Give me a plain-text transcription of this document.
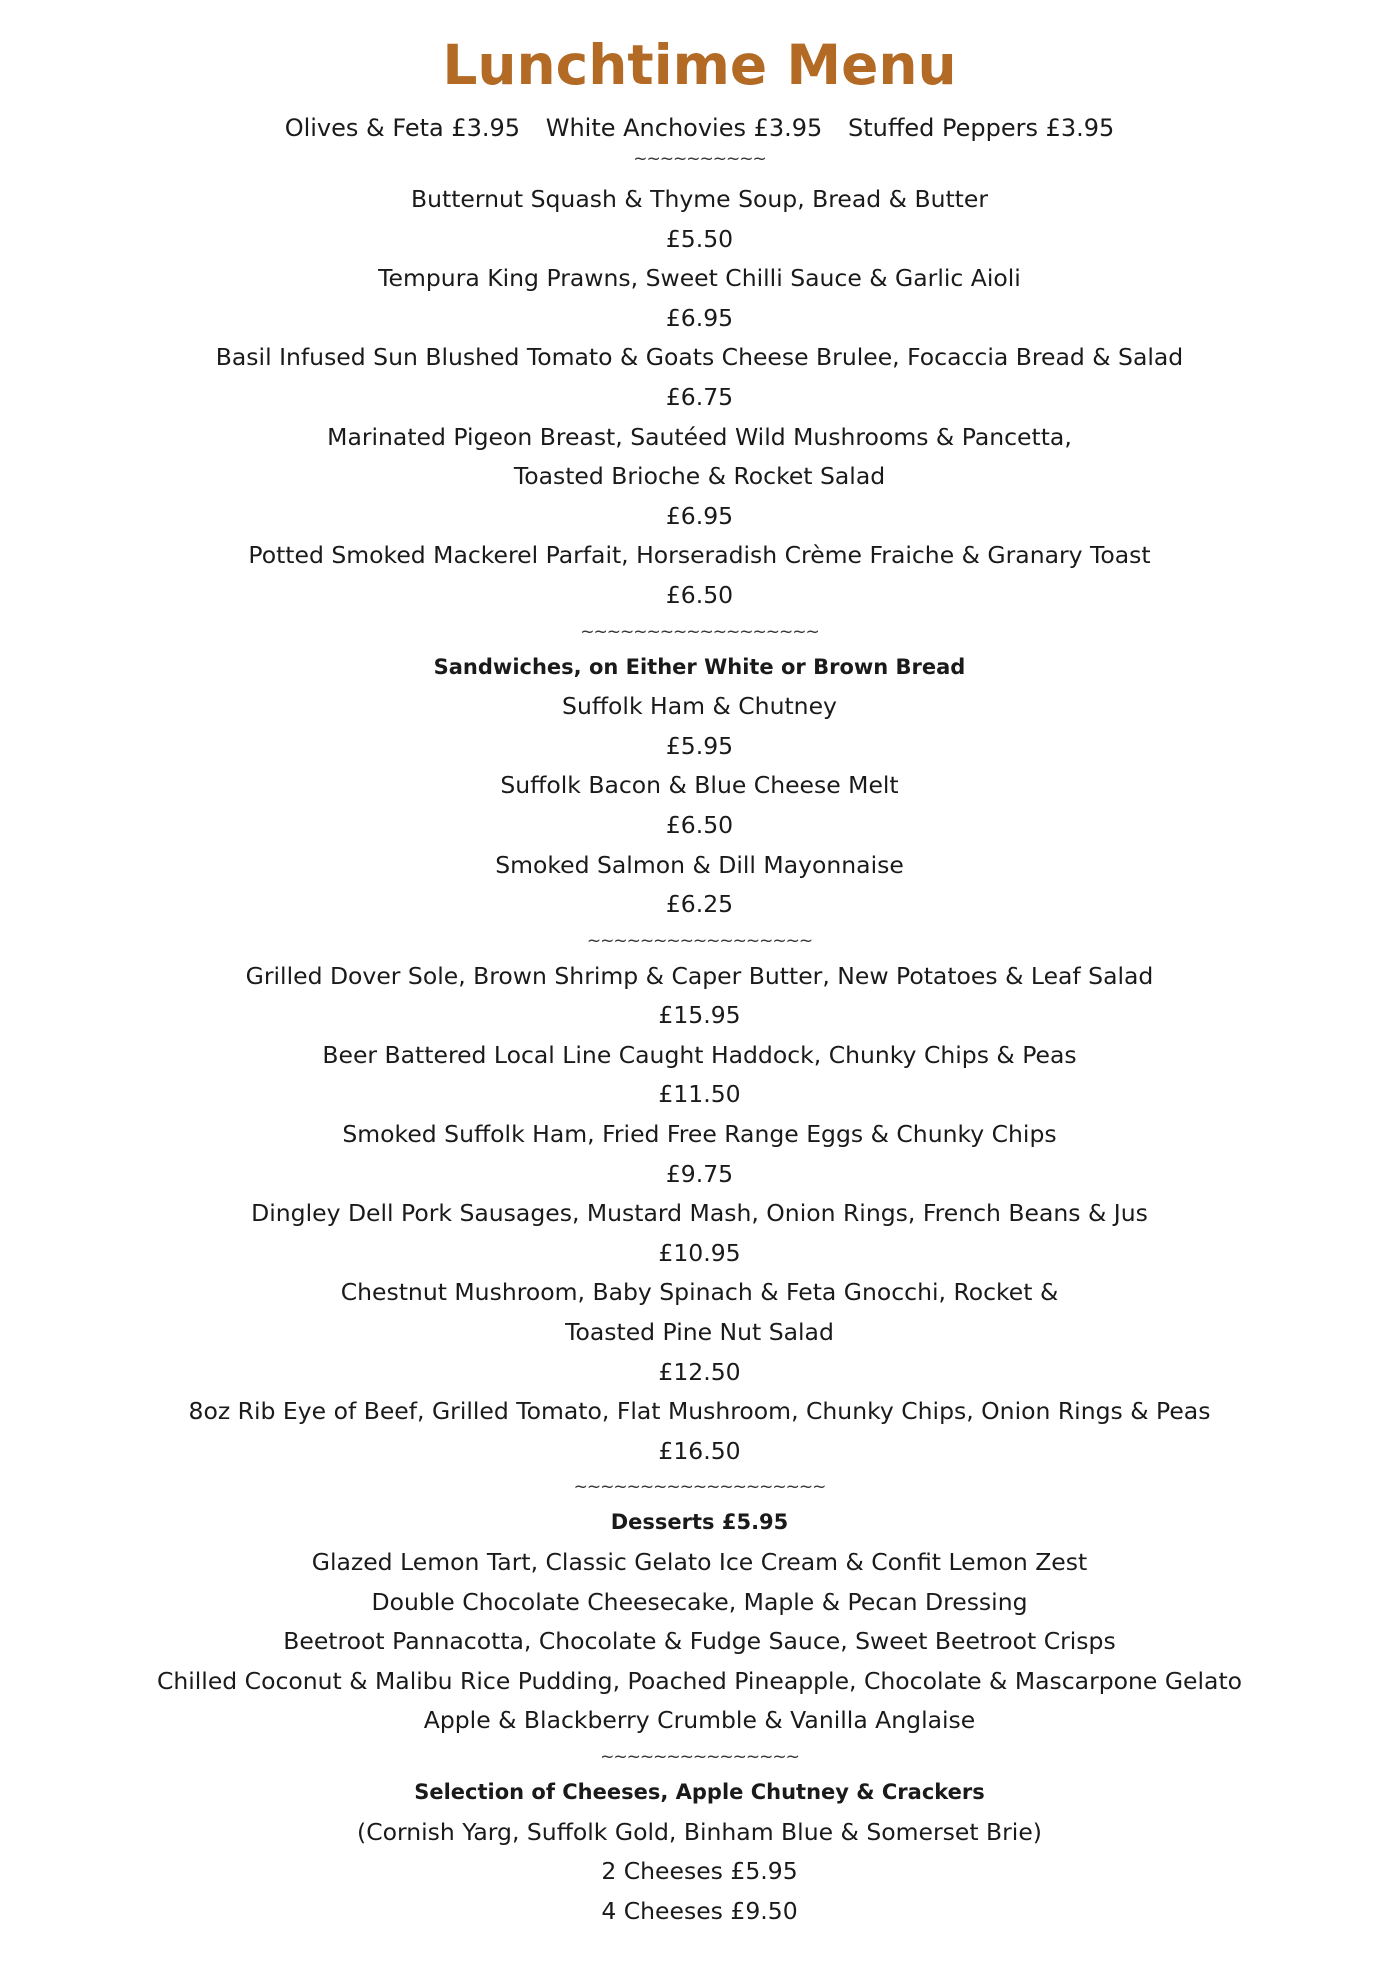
Lunchtime Menu
Olives & Feta £3.95 White Anchovies £3.95 Stuffed Peppers £3.95
~~~~~~~~~~
Butternut Squash & Thyme Soup, Bread & Butter
£5.50
Tempura King Prawns, Sweet Chilli Sauce & Garlic Aioli
£6.95
Basil Infused Sun Blushed Tomato & Goats Cheese Brulee, Focaccia Bread & Salad
£6.75
Marinated Pigeon Breast, Sautéed Wild Mushrooms & Pancetta,
Toasted Brioche & Rocket Salad
£6.95
Potted Smoked Mackerel Parfait, Horseradish Crème Fraiche & Granary Toast
£6.50
~~~~~~~~~~~~~~~~~~
Sandwiches, on Either White or Brown Bread
Suffolk Ham & Chutney
£5.95
Suffolk Bacon & Blue Cheese Melt
£6.50
Smoked Salmon & Dill Mayonnaise
£6.25
~~~~~~~~~~~~~~~~~
Grilled Dover Sole, Brown Shrimp & Caper Butter, New Potatoes & Leaf Salad
£15.95
Beer Battered Local Line Caught Haddock, Chunky Chips & Peas
£11.50
Smoked Suffolk Ham, Fried Free Range Eggs & Chunky Chips
£9.75
Dingley Dell Pork Sausages, Mustard Mash, Onion Rings, French Beans & Jus
£10.95
Chestnut Mushroom, Baby Spinach & Feta Gnocchi, Rocket &
Toasted Pine Nut Salad
£12.50
8oz Rib Eye of Beef, Grilled Tomato, Flat Mushroom, Chunky Chips, Onion Rings & Peas
£16.50
~~~~~~~~~~~~~~~~~~~
Desserts £5.95
Glazed Lemon Tart, Classic Gelato Ice Cream & Confit Lemon Zest
Double Chocolate Cheesecake, Maple & Pecan Dressing
Beetroot Pannacotta, Chocolate & Fudge Sauce, Sweet Beetroot Crisps
Chilled Coconut & Malibu Rice Pudding, Poached Pineapple, Chocolate & Mascarpone Gelato
Apple & Blackberry Crumble & Vanilla Anglaise
~~~~~~~~~~~~~~~
Selection of Cheeses, Apple Chutney & Crackers
(Cornish Yarg, Suffolk Gold, Binham Blue & Somerset Brie)
2 Cheeses £5.95
4 Cheeses £9.50
